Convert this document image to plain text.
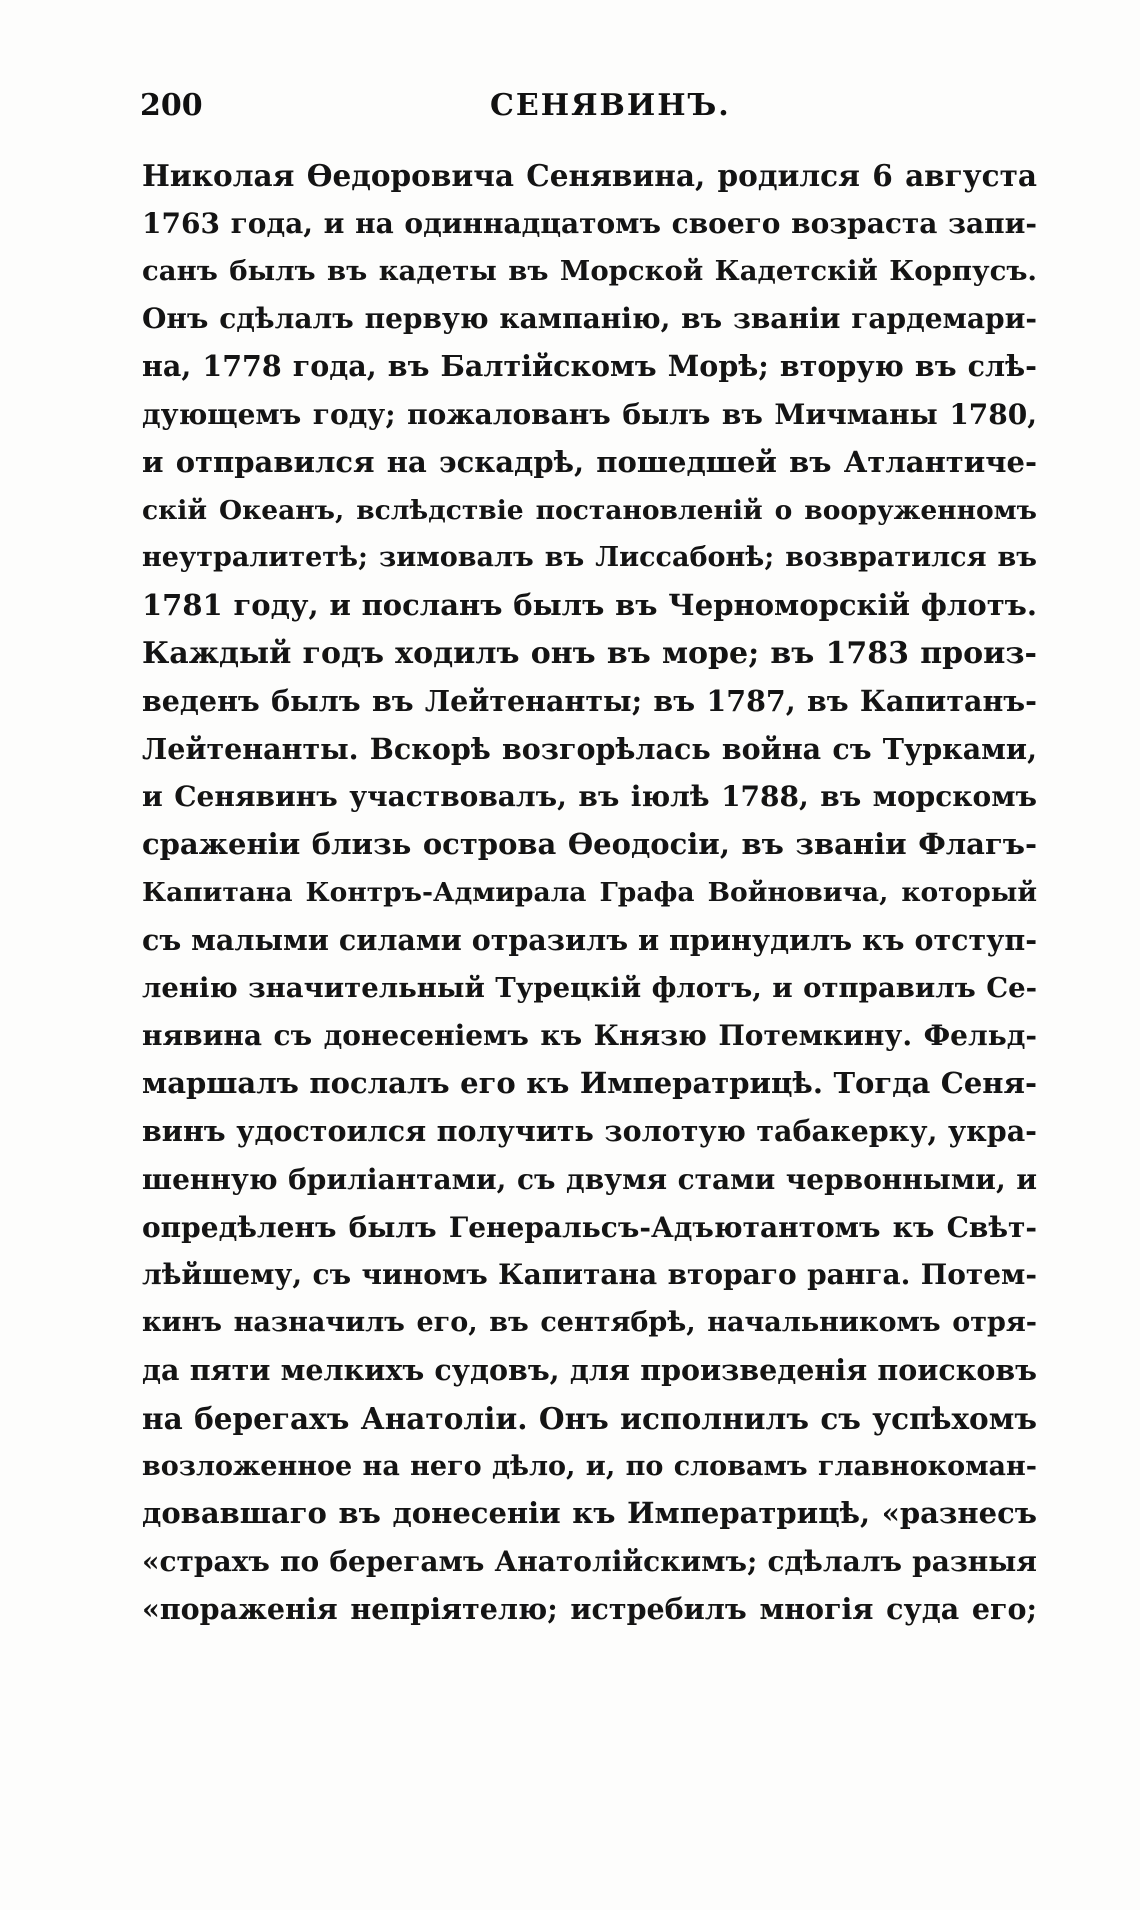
200	СЕНЯВИНЪ.
Николая Ѳедоровича Сенявина, родился 6 августа
1763 года, и на одиннадцатомъ своего возраста запи-
санъ былъ въ кадеты въ Морской Кадетскій Корпусъ.
Онъ сдѣлалъ первую кампанію, въ званіи гардемари-
на, 1778 года, въ Балтійскомъ Морѣ; вторую въ слѣ-
дующемъ году; пожалованъ былъ въ Мичманы 1780,
и отправился на эскадрѣ, пошедшей въ Атлантиче-
скій Океанъ, вслѣдствіе постановленій о вооруженномъ
неутралитетѣ; зимовалъ въ Лиссабонѣ; возвратился въ
1781 году, и посланъ былъ въ Черноморскій флотъ.
Каждый годъ ходилъ онъ въ море; въ 1783 произ-
веденъ былъ въ Лейтенанты; въ 1787, въ Капитанъ-
Лейтенанты. Вскорѣ возгорѣлась война съ Турками,
и Сенявинъ участвовалъ, въ іюлѣ 1788, въ морскомъ
сраженіи близь острова Ѳеодосіи, въ званіи Флагъ-
Капитана Контръ-Адмирала Графа Войновича, который
съ малыми силами отразилъ и принудилъ къ отступ-
ленію значительный Турецкій флотъ, и отправилъ Се-
нявина съ донесеніемъ къ Князю Потемкину. Фельд-
маршалъ послалъ его къ Императрицѣ. Тогда Сеня-
винъ удостоился получить золотую табакерку, укра-
шенную бриліантами, съ двумя стами червонными, и
опредѣленъ былъ Генеральсъ-Адъютантомъ къ Свѣт-
лѣйшему, съ чиномъ Капитана втораго ранга. Потем-
кинъ назначилъ его, въ сентябрѣ, начальникомъ отря-
да пяти мелкихъ судовъ, для произведенія поисковъ
на берегахъ Анатоліи. Онъ исполнилъ съ успѣхомъ
возложенное на него дѣло, и, по словамъ главнокоман-
довавшаго въ донесеніи къ Императрицѣ, «разнесъ
«страхъ по берегамъ Анатолійскимъ; сдѣлалъ разныя
«пораженія непріятелю; истребилъ многія суда его;
